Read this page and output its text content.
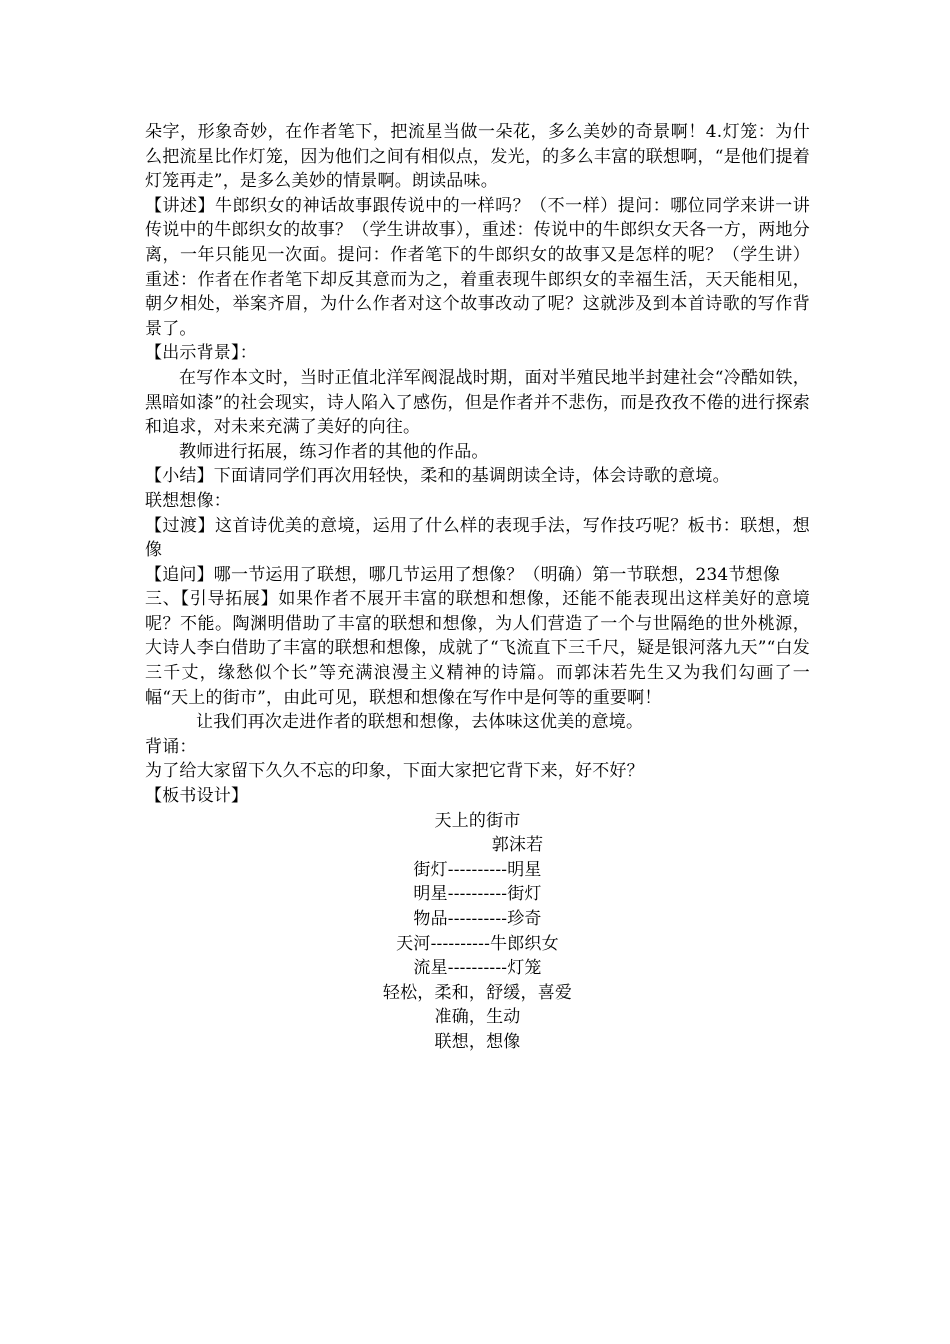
朵字，形象奇妙，在作者笔下，把流星当做一朵花，多么美妙的奇景啊！4.灯笼：为什么把流星比作灯笼，因为他们之间有相似点，发光，的多么丰富的联想啊，“是他们提着灯笼再走”，是多么美妙的情景啊。朗读品味。

【讲述】牛郎织女的神话故事跟传说中的一样吗？（不一样）提问：哪位同学来讲一讲传说中的牛郎织女的故事？（学生讲故事），重述：传说中的牛郎织女天各一方，两地分离，一年只能见一次面。提问：作者笔下的牛郎织女的故事又是怎样的呢？（学生讲）重述：作者在作者笔下却反其意而为之，着重表现牛郎织女的幸福生活，天天能相见，朝夕相处，举案齐眉，为什么作者对这个故事改动了呢？这就涉及到本首诗歌的写作背景了。

【出示背景】：

在写作本文时，当时正值北洋军阀混战时期，面对半殖民地半封建社会“冷酷如铁，黑暗如漆”的社会现实，诗人陷入了感伤，但是作者并不悲伤，而是孜孜不倦的进行探索和追求，对未来充满了美好的向往。

教师进行拓展，练习作者的其他的作品。

【小结】下面请同学们再次用轻快，柔和的基调朗读全诗，体会诗歌的意境。

联想想像：

【过渡】这首诗优美的意境，运用了什么样的表现手法，写作技巧呢？板书：联想，想像

【追问】哪一节运用了联想，哪几节运用了想像？（明确）第一节联想，234节想像

三、【引导拓展】如果作者不展开丰富的联想和想像，还能不能表现出这样美好的意境呢？不能。陶渊明借助了丰富的联想和想像，为人们营造了一个与世隔绝的世外桃源，大诗人李白借助了丰富的联想和想像，成就了“飞流直下三千尺，疑是银河落九天”“白发三千丈，缘愁似个长”等充满浪漫主义精神的诗篇。而郭沫若先生又为我们勾画了一幅“天上的街市”，由此可见，联想和想像在写作中是何等的重要啊！

让我们再次走进作者的联想和想像，去体味这优美的意境。

背诵：

为了给大家留下久久不忘的印象，下面大家把它背下来，好不好？

【板书设计】

天上的街市
郭沫若
街灯----------明星
明星----------街灯
物品----------珍奇
天河----------牛郎织女
流星----------灯笼
轻松，柔和，舒缓，喜爱
准确，生动
联想，想像
